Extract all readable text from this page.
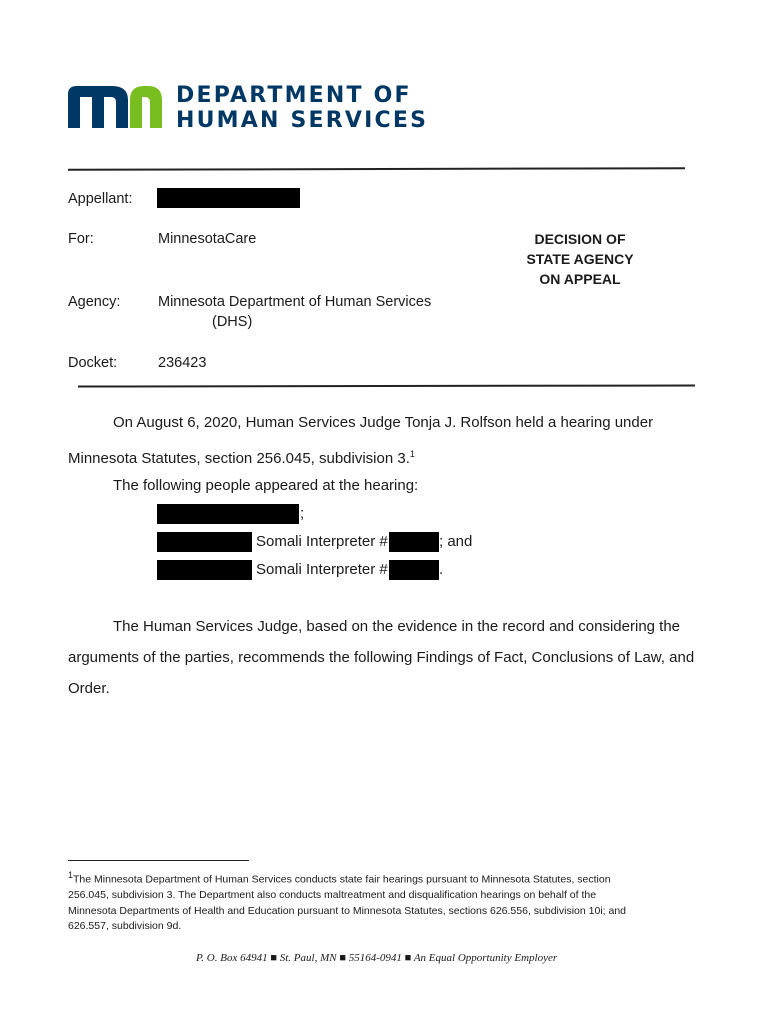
DEPARTMENT OF
HUMAN SERVICES
Appellant:
For:	MinnesotaCare	DECISION OF
STATE AGENCY
ON APPEAL
Agency:	Minnesota Department of Human Services
(DHS)
Docket:	236423
On August 6, 2020, Human Services Judge Tonja J. Rolfson held a hearing under
Minnesota Statutes, section 256.045, subdivision 3.$^1$
The following people appeared at the hearing:
;
Somali Interpreter #	; and
Somali Interpreter #	.
The Human Services Judge, based on the evidence in the record and considering the
arguments of the parties, recommends the following Findings of Fact, Conclusions of Law, and
Order.
1The Minnesota Department of Human Services conducts state fair hearings pursuant to Minnesota Statutes, section
256.045, subdivision 3. The Department also conducts maltreatment and disqualification hearings on behalf of the
Minnesota Departments of Health and Education pursuant to Minnesota Statutes, sections 626.556, subdivision 10i; and
626.557, subdivision 9d.
P. O. Box 64941 ■ St. Paul, MN ■ 55164-0941 ■ An Equal Opportunity Employer
